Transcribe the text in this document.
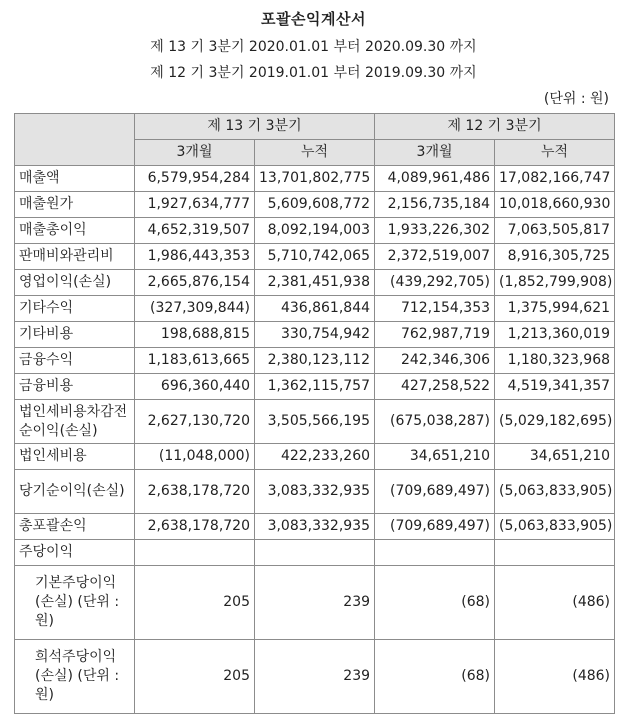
포괄손익계산서
제 13 기 3분기 2020.01.01 부터 2020.09.30 까지
제 12 기 3분기 2019.01.01 부터 2019.09.30 까지
(단위 : 원)
	제 13 기 3분기		제 12 기 3분기	
	3개월	누적	3개월	누적
매출액	6,579,954,284	13,701,802,775	4,089,961,486	17,082,166,747
매출원가	1,927,634,777	5,609,608,772	2,156,735,184	10,018,660,930
매출총이익	4,652,319,507	8,092,194,003	1,933,226,302	7,063,505,817
판매비와관리비	1,986,443,353	5,710,742,065	2,372,519,007	8,916,305,725
영업이익(손실)	2,665,876,154	2,381,451,938	(439,292,705)	(1,852,799,908)
기타수익	(327,309,844)	436,861,844	712,154,353	1,375,994,621
기타비용	198,688,815	330,754,942	762,987,719	1,213,360,019
금융수익	1,183,613,665	2,380,123,112	242,346,306	1,180,323,968
금융비용	696,360,440	1,362,115,757	427,258,522	4,519,341,357
법인세비용차감전순이익(손실)	2,627,130,720	3,505,566,195	(675,038,287)	(5,029,182,695)
법인세비용	(11,048,000)	422,233,260	34,651,210	34,651,210
당기순이익(손실)	2,638,178,720	3,083,332,935	(709,689,497)	(5,063,833,905)
총포괄손익	2,638,178,720	3,083,332,935	(709,689,497)	(5,063,833,905)
주당이익				
기본주당이익(손실) (단위 : 원)	205	239	(68)	(486)
희석주당이익(손실) (단위 : 원)	205	239	(68)	(486)
